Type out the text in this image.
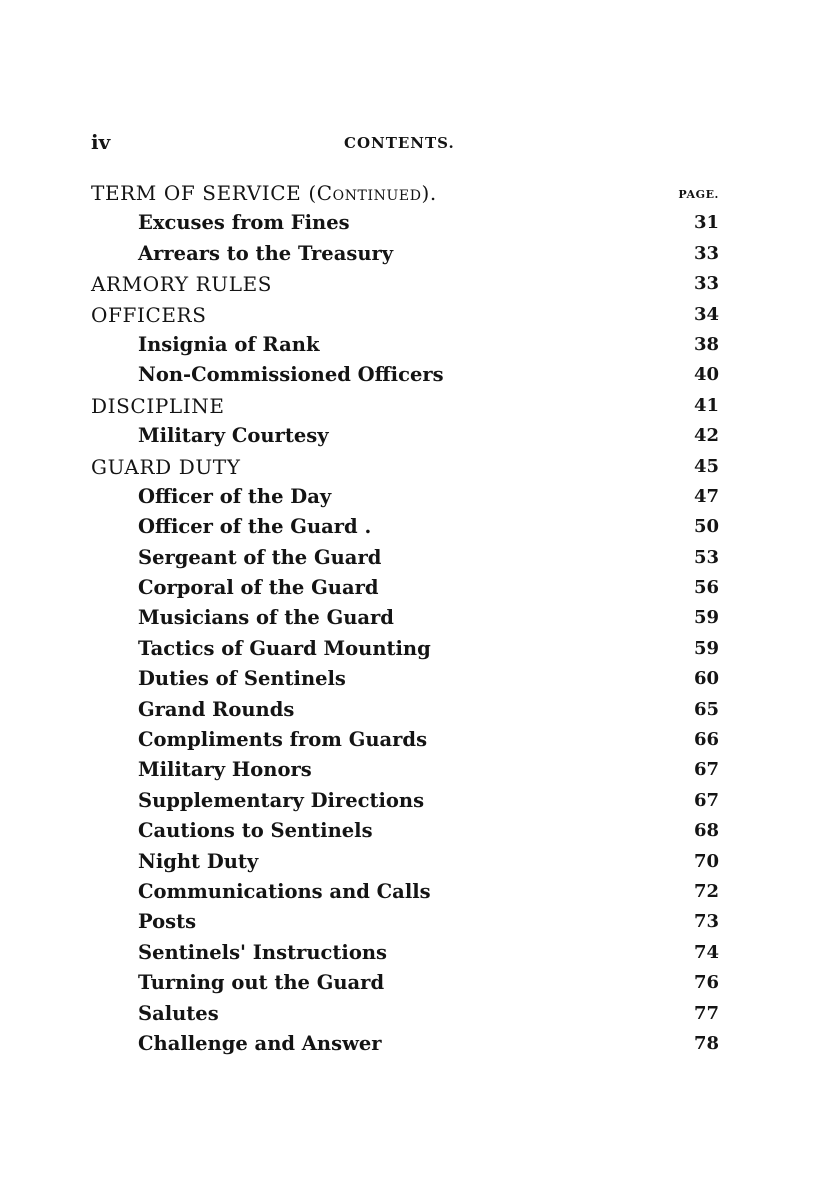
iv	CONTENTS.
TERM OF SERVICE (Continued).	PAGE.
Excuses from Fines	31
Arrears to the Treasury	33
ARMORY RULES	33
OFFICERS	34
Insignia of Rank	38
Non-Commissioned Officers	40
DISCIPLINE	41
Military Courtesy	42
GUARD DUTY	45
Officer of the Day	47
Officer of the Guard .	50
Sergeant of the Guard	53
Corporal of the Guard	56
Musicians of the Guard	59
Tactics of Guard Mounting	59
Duties of Sentinels	60
Grand Rounds	65
Compliments from Guards	66
Military Honors	67
Supplementary Directions	67
Cautions to Sentinels	68
Night Duty	70
Communications and Calls	72
Posts	73
Sentinels' Instructions	74
Turning out the Guard	76
Salutes	77
Challenge and Answer	78
